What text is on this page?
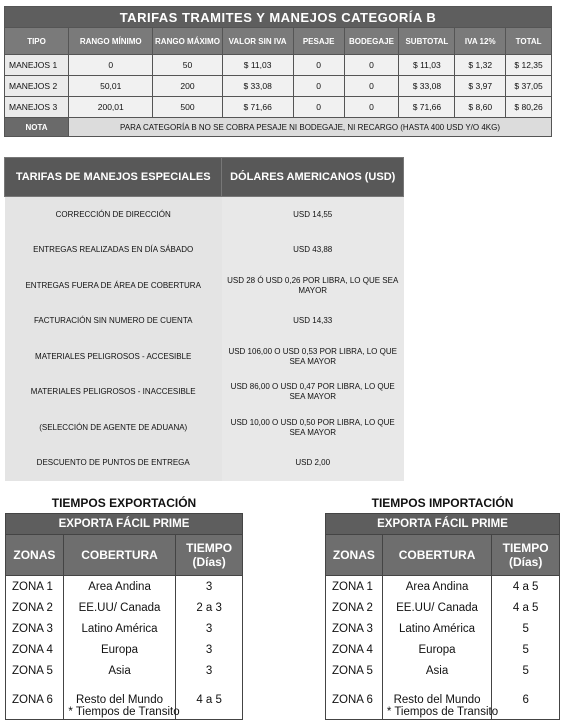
TARIFAS TRAMITES Y MANEJOS CATEGORÍA B								
TIPO	RANGO MÍNIMO	RANGO MÁXIMO	VALOR SIN IVA	PESAJE	BODEGAJE	SUBTOTAL	IVA 12%	TOTAL
MANEJOS 1	0	50	$ 11,03	0	0	$ 11,03	$ 1,32	$ 12,35
MANEJOS 2	50,01	200	$ 33,08	0	0	$ 33,08	$ 3,97	$ 37,05
MANEJOS 3	200,01	500	$ 71,66	0	0	$ 71,66	$ 8,60	$ 80,26
NOTA	PARA CATEGORÍA B NO SE COBRA PESAJE NI BODEGAJE, NI RECARGO (HASTA 400 USD Y/O 4KG)							
TARIFAS DE MANEJOS ESPECIALES	DÓLARES AMERICANOS (USD)
CORRECCIÓN DE DIRECCIÓN	USD 14,55
ENTREGAS REALIZADAS EN DÍA SÁBADO	USD 43,88
ENTREGAS FUERA DE ÁREA DE COBERTURA	USD 28 Ó USD 0,26 POR LIBRA, LO QUE SEA MAYOR
FACTURACIÓN SIN NUMERO DE CUENTA	USD 14,33
MATERIALES PELIGROSOS - ACCESIBLE	USD 106,00 O USD 0,53 POR LIBRA, LO QUE SEA MAYOR
MATERIALES PELIGROSOS - INACCESIBLE	USD 86,00 O USD 0,47 POR LIBRA, LO QUE SEA MAYOR
(SELECCIÓN DE AGENTE DE ADUANA)	USD 10,00 O USD 0,50 POR LIBRA, LO QUE SEA MAYOR
DESCUENTO DE PUNTOS DE ENTREGA	USD 2,00
TIEMPOS EXPORTACIÓN
EXPORTA FÁCIL PRIME		
ZONAS	COBERTURA	TIEMPO (Días)
ZONA 1	Area Andina	3
ZONA 2	EE.UU/ Canada	2 a 3
ZONA 3	Latino América	3
ZONA 4	Europa	3
ZONA 5	Asia	3
ZONA 6	Resto del Mundo	4 a 5
* Tiempos de Transito
TIEMPOS IMPORTACIÓN
EXPORTA FÁCIL PRIME		
ZONAS	COBERTURA	TIEMPO (Días)
ZONA 1	Area Andina	4 a 5
ZONA 2	EE.UU/ Canada	4 a 5
ZONA 3	Latino América	5
ZONA 4	Europa	5
ZONA 5	Asia	5
ZONA 6	Resto del Mundo	6
* Tiempos de Transito
